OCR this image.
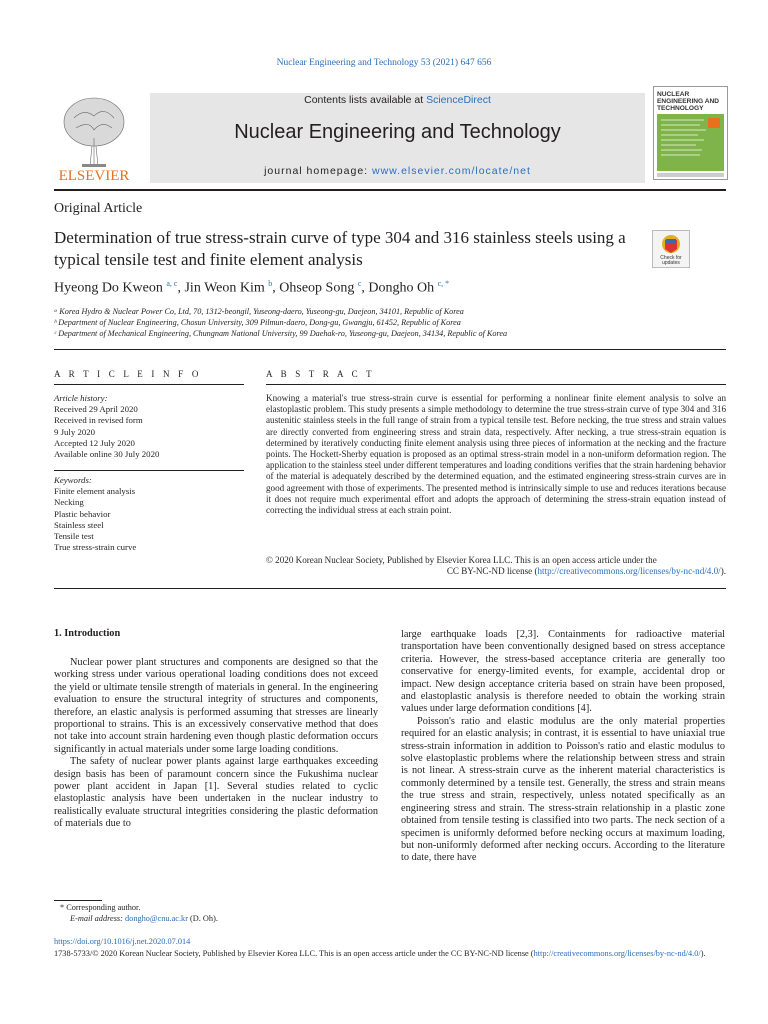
Nuclear Engineering and Technology 53 (2021) 647 656
ELSEVIER
Contents lists available at ScienceDirect
Nuclear Engineering and Technology
journal homepage: www.elsevier.com/locate/net
NUCLEAR
ENGINEERING AND
TECHNOLOGY
Original Article
Determination of true stress-strain curve of type 304 and 316 stainless steels using a typical tensile test and finite element analysis	Check for
updates
Hyeong Do Kweon $^{a, c}$, Jin Weon Kim $^b$, Ohseop Song $^c$, Dongho Oh $^{c, *}$
ᵃ Korea Hydro & Nuclear Power Co, Ltd, 70, 1312-beongil, Yuseong-daero, Yuseong-gu, Daejeon, 34101, Republic of Korea
ᵇ Department of Nuclear Engineering, Chosun University, 309 Pilmun-daero, Dong-gu, Gwangju, 61452, Republic of Korea
ᶜ Department of Mechanical Engineering, Chungnam National University, 99 Daehak-ro, Yuseong-gu, Daejeon, 34134, Republic of Korea
A R T I C L E I N F O
Article history:
Received 29 April 2020
Received in revised form
9 July 2020
Accepted 12 July 2020
Available online 30 July 2020
Keywords:
Finite element analysis
Necking
Plastic behavior
Stainless steel
Tensile test
True stress-strain curve
A B S T R A C T
Knowing a material's true stress-strain curve is essential for performing a nonlinear finite element analysis to solve an elastoplastic problem. This study presents a simple methodology to determine the true stress-strain curve of type 304 and 316 austenitic stainless steels in the full range of strain from a typical tensile test. Before necking, the true stress and strain values are directly converted from engineering stress and strain data, respectively. After necking, a true stress-strain equation is determined by iteratively conducting finite element analysis using three pieces of information at the necking and the fracture points. The Hockett-Sherby equation is proposed as an optimal stress-strain model in a non-uniform deformation region. The application to the stainless steel under different temperatures and loading conditions verifies that the strain hardening behavior of the material is adequately described by the determined equation, and the estimated engineering stress-strain curves are in good agreement with those of experiments. The presented method is intrinsically simple to use and reduces iterations because it does not require much experimental effort and adopts the approach of determining the stress-strain equation instead of correcting the individual stress at each strain point.
© 2020 Korean Nuclear Society, Published by Elsevier Korea LLC. This is an open access article under the
CC BY-NC-ND license (http://creativecommons.org/licenses/by-nc-nd/4.0/).
1. Introduction

Nuclear power plant structures and components are designed so that the working stress under various operational loading conditions does not exceed the yield or ultimate tensile strength of materials in general. In the engineering evaluation to ensure the structural integrity of structures and components, therefore, an elastic analysis is performed assuming that stresses are linearly proportional to strains. This is an excessively conservative method that does not take into account strain hardening even though plastic deformation occurs significantly in actual materials under some large loading conditions.

The safety of nuclear power plants against large earthquakes exceeding design basis has been of paramount concern since the Fukushima nuclear power plant accident in Japan [1]. Several studies related to cyclic elastoplastic analysis have been undertaken in the nuclear industry to realistically evaluate structural integrities considering the plastic deformation of materials due to

large earthquake loads [2,3]. Containments for radioactive material transportation have been conventionally designed based on stress acceptance criteria. However, the stress-based acceptance criteria are generally too conservative for energy-limited events, for example, accidental drop or impact. New design acceptance criteria based on strain have been proposed, and elastoplastic analysis is therefore needed to obtain the working strain values under large deformation conditions [4].

Poisson's ratio and elastic modulus are the only material properties required for an elastic analysis; in contrast, it is essential to have uniaxial true stress-strain information in addition to Poisson's ratio and elastic modulus to solve elastoplastic problems where the relationship between stress and strain is not linear. A stress-strain curve as the inherent material characteristics is commonly determined by a tensile test. Generally, the stress and strain means the true stress and strain, respectively, unless notated specifically as an engineering stress and strain. The stress-strain relationship in a plastic zone obtained from tensile testing is classified into two parts. The neck section of a specimen is uniformly deformed before necking occurs at maximum loading, but non-uniformly deformed after necking occurs. According to the literature to date, there have

* Corresponding author.
E-mail address: dongho@cnu.ac.kr (D. Oh).
https://doi.org/10.1016/j.net.2020.07.014
1738-5733/© 2020 Korean Nuclear Society, Published by Elsevier Korea LLC. This is an open access article under the CC BY-NC-ND license (http://creativecommons.org/licenses/by-nc-nd/4.0/).
